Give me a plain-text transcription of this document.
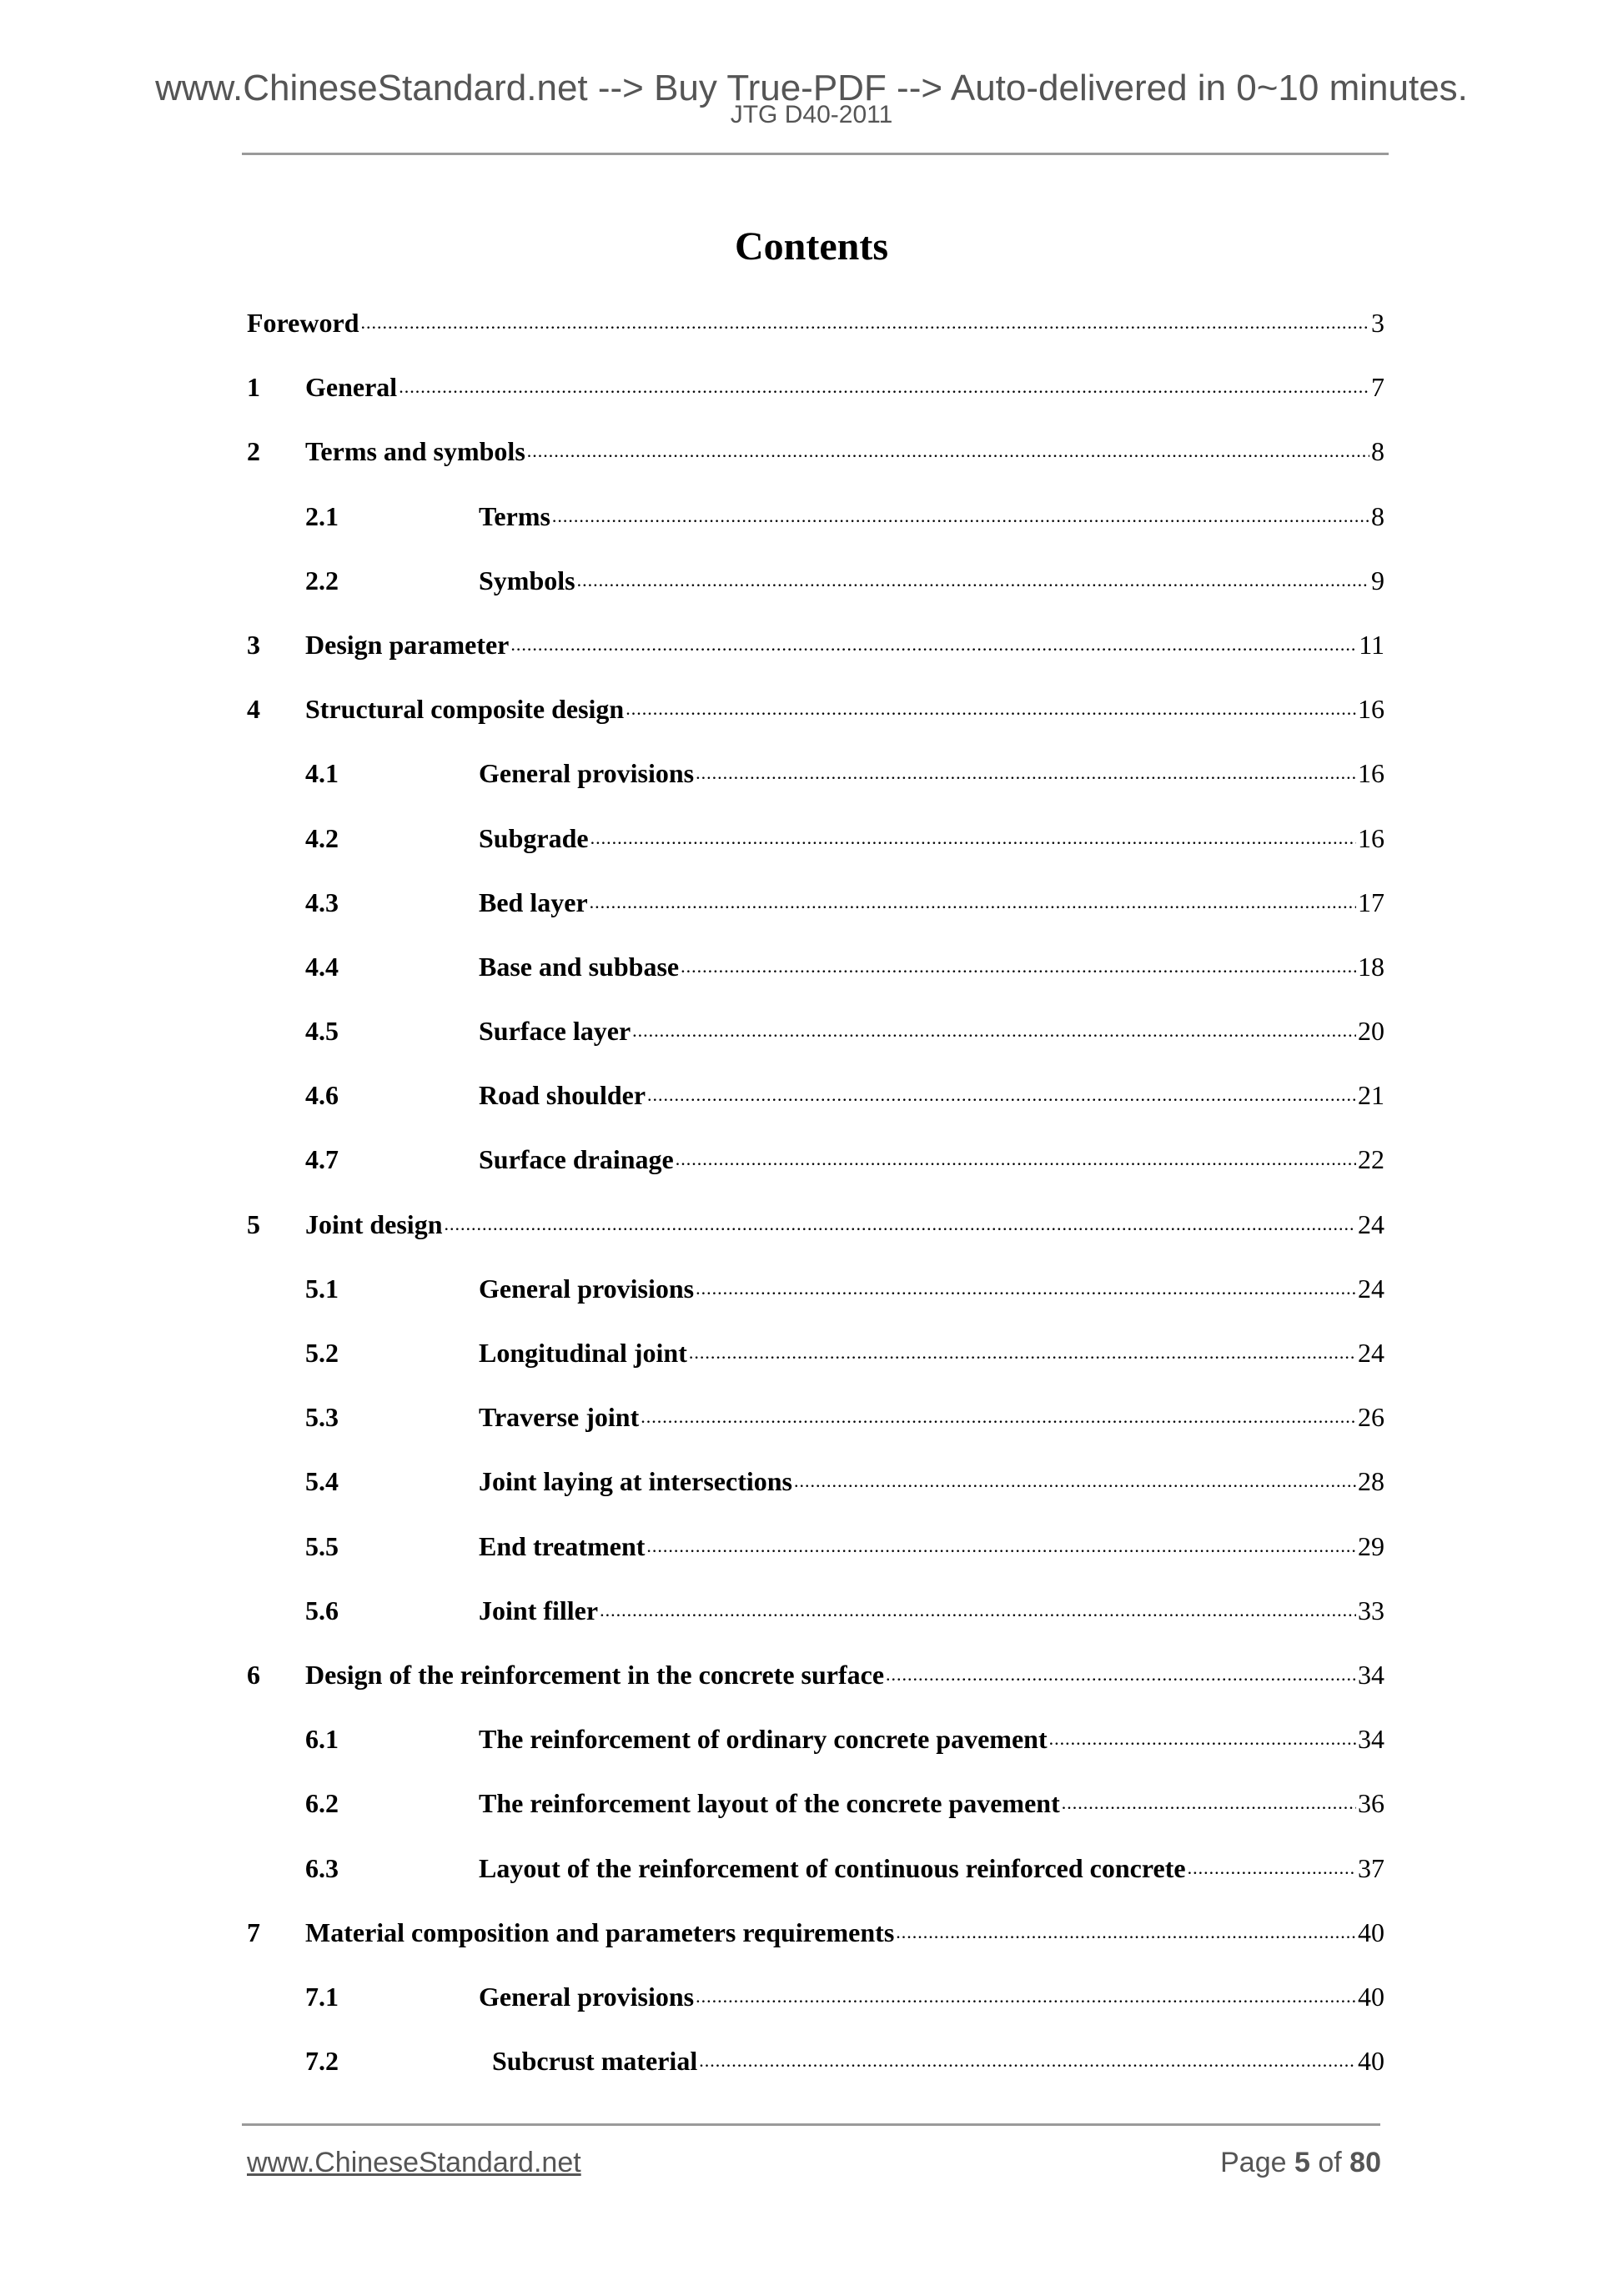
www.ChineseStandard.net --> Buy True-PDF --> Auto-delivered in 0~10 minutes.
JTG D40-2011
Contents
Foreword .....	3
1	General .....	7
2	Terms and symbols .....	8
2.1	Terms .....	8
2.2	Symbols .....	9
3	Design parameter .....	11
4	Structural composite design .....	16
4.1	General provisions .....	16
4.2	Subgrade .....	16
4.3	Bed layer .....	17
4.4	Base and subbase .....	18
4.5	Surface layer .....	20
4.6	Road shoulder .....	21
4.7	Surface drainage .....	22
5	Joint design .....	24
5.1	General provisions .....	24
5.2	Longitudinal joint .....	24
5.3	Traverse joint .....	26
5.4	Joint laying at intersections .....	28
5.5	End treatment .....	29
5.6	Joint filler .....	33
6	Design of the reinforcement in the concrete surface .....	34
6.1	The reinforcement of ordinary concrete pavement .....	34
6.2	The reinforcement layout of the concrete pavement .....	36
6.3	Layout of the reinforcement of continuous reinforced concrete .....	37
7	Material composition and parameters requirements .....	40
7.1	General provisions .....	40
7.2	Subcrust material .....	40
www.ChineseStandard.net	Page 5 of 80
